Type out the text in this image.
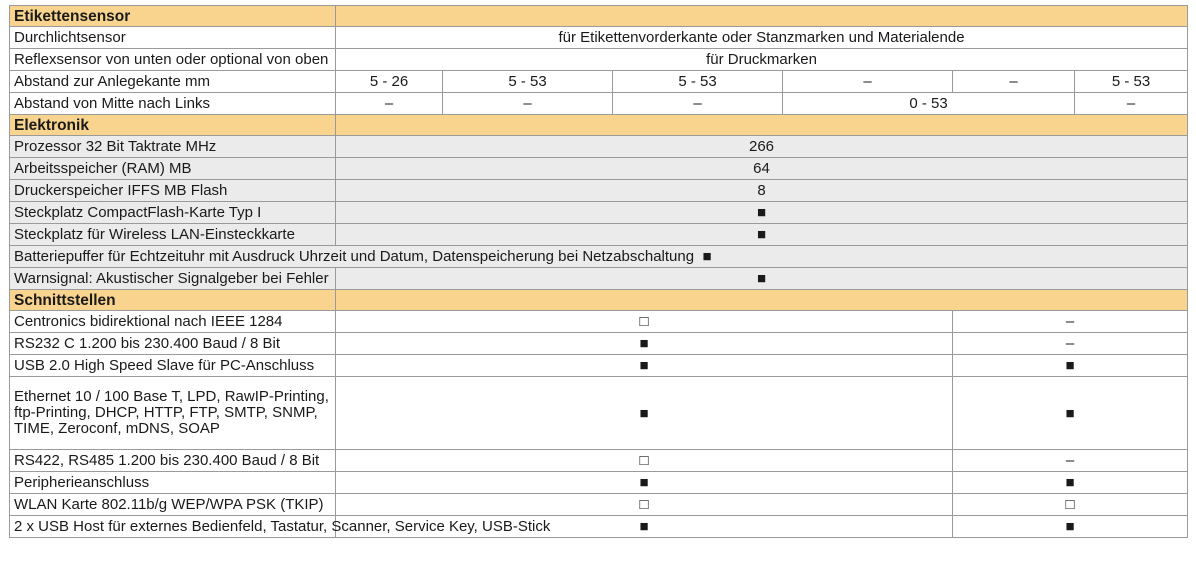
Etikettensensor						
Durchlichtsensor	für Etikettenvorderkante oder Stanzmarken und Materialende					
Reflexsensor von unten oder optional von oben	für Druckmarken					
Abstand zur Anlegekante mm	5 - 26	5 - 53	5 - 53	–	–	5 - 53
Abstand von Mitte nach Links	–	–	–	0 - 53		–
Elektronik						
Prozessor 32 Bit Taktrate MHz	266					
Arbeitsspeicher (RAM) MB	64					
Druckerspeicher IFFS MB Flash	8					
Steckplatz CompactFlash-Karte Typ I	■					
Steckplatz für Wireless LAN-Einsteckkarte	■					
Batteriepuffer für Echtzeituhr mit Ausdruck Uhrzeit und Datum, Datenspeicherung bei Netzabschaltung ■						
Warnsignal: Akustischer Signalgeber bei Fehler	■					
Schnittstellen						
Centronics bidirektional nach IEEE 1284	□				–	
RS232 C 1.200 bis 230.400 Baud / 8 Bit	■				–	
USB 2.0 High Speed Slave für PC-Anschluss	■				■	
Ethernet 10 / 100 Base T, LPD, RawIP-Printing, ftp-Printing, DHCP, HTTP, FTP, SMTP, SNMP, TIME, Zeroconf, mDNS, SOAP	■				■	
RS422, RS485 1.200 bis 230.400 Baud / 8 Bit	□				–	
Peripherieanschluss	■				■	
WLAN Karte 802.11b/g WEP/WPA PSK (TKIP)	□				□	
2 x USB Host für externes Bedienfeld, Tastatur, Scanner, Service Key, USB-Stick	■				■	
